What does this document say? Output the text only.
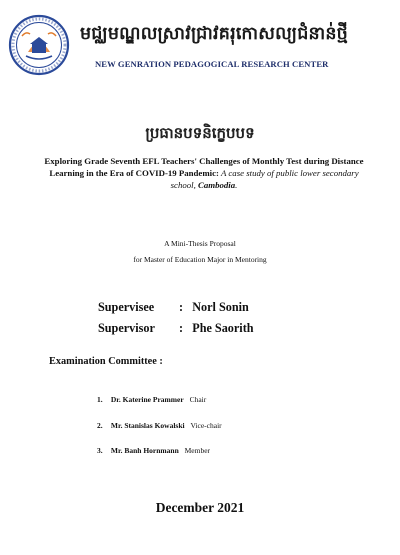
មជ្ឈមណ្ឌលស្រាវជ្រាវគរុកោសល្យជំនាន់ថ្មី
NEW GENRATION PEDAGOGICAL RESEARCH CENTER
ប្រធានបទនិក្ខេបបទ
Exploring Grade Seventh EFL Teachers' Challenges of Monthly Test during Distance Learning in the Era of COVID-19 Pandemic: A case study of public lower secondary school, Cambodia.
A Mini-Thesis Proposal
for Master of Education Major in Mentoring
Supervisee : Norl Sonin
Supervisor : Phe Saorith
Examination Committee :
1. Dr. Katerine Prammer Chair
2. Mr. Stanislas Kowalski Vice-chair
3. Mr. Banh Hornmann Member
December 2021
